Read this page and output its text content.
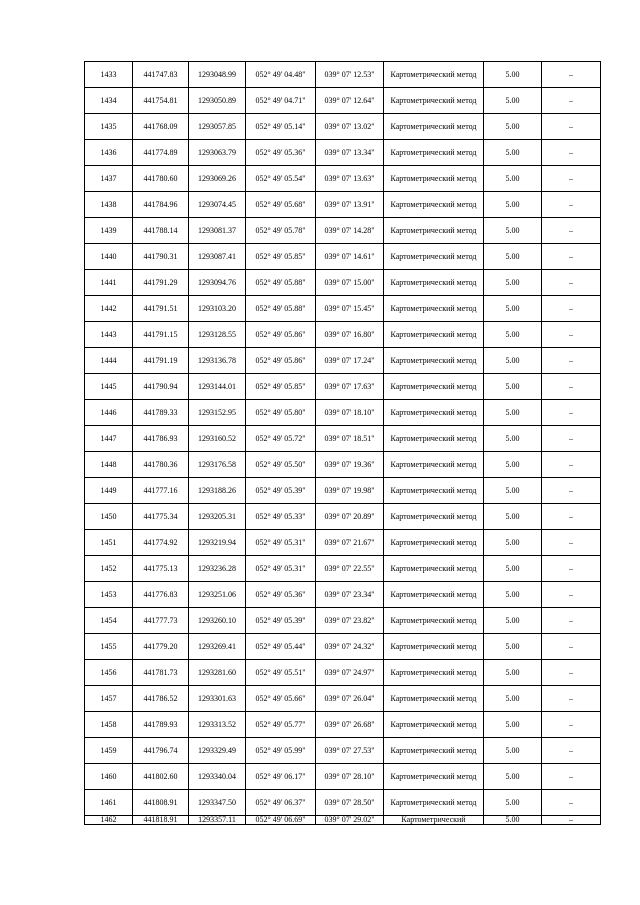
1433	441747.83	1293048.99	052° 49' 04.48"	039° 07' 12.53"	Картометрический метод	5.00	–
1434	441754.81	1293050.89	052° 49' 04.71"	039° 07' 12.64"	Картометрический метод	5.00	–
1435	441768.09	1293057.85	052° 49' 05.14"	039° 07' 13.02"	Картометрический метод	5.00	–
1436	441774.89	1293063.79	052° 49' 05.36"	039° 07' 13.34"	Картометрический метод	5.00	–
1437	441780.60	1293069.26	052° 49' 05.54"	039° 07' 13.63"	Картометрический метод	5.00	–
1438	441784.96	1293074.45	052° 49' 05.68"	039° 07' 13.91"	Картометрический метод	5.00	–
1439	441788.14	1293081.37	052° 49' 05.78"	039° 07' 14.28"	Картометрический метод	5.00	–
1440	441790.31	1293087.41	052° 49' 05.85"	039° 07' 14.61"	Картометрический метод	5.00	–
1441	441791.29	1293094.76	052° 49' 05.88"	039° 07' 15.00"	Картометрический метод	5.00	–
1442	441791.51	1293103.20	052° 49' 05.88"	039° 07' 15.45"	Картометрический метод	5.00	–
1443	441791.15	1293128.55	052° 49' 05.86"	039° 07' 16.80"	Картометрический метод	5.00	–
1444	441791.19	1293136.78	052° 49' 05.86"	039° 07' 17.24"	Картометрический метод	5.00	–
1445	441790.94	1293144.01	052° 49' 05.85"	039° 07' 17.63"	Картометрический метод	5.00	–
1446	441789.33	1293152.95	052° 49' 05.80"	039° 07' 18.10"	Картометрический метод	5.00	–
1447	441786.93	1293160.52	052° 49' 05.72"	039° 07' 18.51"	Картометрический метод	5.00	–
1448	441780.36	1293176.58	052° 49' 05.50"	039° 07' 19.36"	Картометрический метод	5.00	–
1449	441777.16	1293188.26	052° 49' 05.39"	039° 07' 19.98"	Картометрический метод	5.00	–
1450	441775.34	1293205.31	052° 49' 05.33"	039° 07' 20.89"	Картометрический метод	5.00	–
1451	441774.92	1293219.94	052° 49' 05.31"	039° 07' 21.67"	Картометрический метод	5.00	–
1452	441775.13	1293236.28	052° 49' 05.31"	039° 07' 22.55"	Картометрический метод	5.00	–
1453	441776.83	1293251.06	052° 49' 05.36"	039° 07' 23.34"	Картометрический метод	5.00	–
1454	441777.73	1293260.10	052° 49' 05.39"	039° 07' 23.82"	Картометрический метод	5.00	–
1455	441779.20	1293269.41	052° 49' 05.44"	039° 07' 24.32"	Картометрический метод	5.00	–
1456	441781.73	1293281.60	052° 49' 05.51"	039° 07' 24.97"	Картометрический метод	5.00	–
1457	441786.52	1293301.63	052° 49' 05.66"	039° 07' 26.04"	Картометрический метод	5.00	–
1458	441789.93	1293313.52	052° 49' 05.77"	039° 07' 26.68"	Картометрический метод	5.00	–
1459	441796.74	1293329.49	052° 49' 05.99"	039° 07' 27.53"	Картометрический метод	5.00	–
1460	441802.60	1293340.04	052° 49' 06.17"	039° 07' 28.10"	Картометрический метод	5.00	–
1461	441808.91	1293347.50	052° 49' 06.37"	039° 07' 28.50"	Картометрический метод	5.00	–
1462	441818.91	1293357.11	052° 49' 06.69"	039° 07' 29.02"	Картометрический	5.00	–
